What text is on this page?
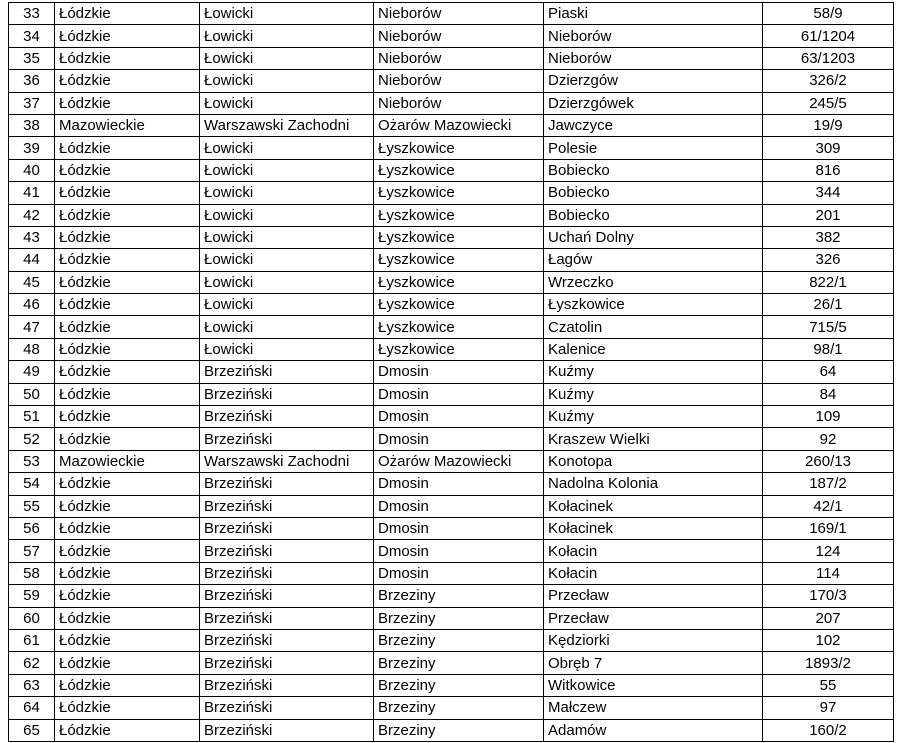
33	Łódzkie	Łowicki	Nieborów	Piaski	58/9
34	Łódzkie	Łowicki	Nieborów	Nieborów	61/1204
35	Łódzkie	Łowicki	Nieborów	Nieborów	63/1203
36	Łódzkie	Łowicki	Nieborów	Dzierzgów	326/2
37	Łódzkie	Łowicki	Nieborów	Dzierzgówek	245/5
38	Mazowieckie	Warszawski Zachodni	Ożarów Mazowiecki	Jawczyce	19/9
39	Łódzkie	Łowicki	Łyszkowice	Polesie	309
40	Łódzkie	Łowicki	Łyszkowice	Bobiecko	816
41	Łódzkie	Łowicki	Łyszkowice	Bobiecko	344
42	Łódzkie	Łowicki	Łyszkowice	Bobiecko	201
43	Łódzkie	Łowicki	Łyszkowice	Uchań Dolny	382
44	Łódzkie	Łowicki	Łyszkowice	Łagów	326
45	Łódzkie	Łowicki	Łyszkowice	Wrzeczko	822/1
46	Łódzkie	Łowicki	Łyszkowice	Łyszkowice	26/1
47	Łódzkie	Łowicki	Łyszkowice	Czatolin	715/5
48	Łódzkie	Łowicki	Łyszkowice	Kalenice	98/1
49	Łódzkie	Brzeziński	Dmosin	Kuźmy	64
50	Łódzkie	Brzeziński	Dmosin	Kuźmy	84
51	Łódzkie	Brzeziński	Dmosin	Kuźmy	109
52	Łódzkie	Brzeziński	Dmosin	Kraszew Wielki	92
53	Mazowieckie	Warszawski Zachodni	Ożarów Mazowiecki	Konotopa	260/13
54	Łódzkie	Brzeziński	Dmosin	Nadolna Kolonia	187/2
55	Łódzkie	Brzeziński	Dmosin	Kołacinek	42/1
56	Łódzkie	Brzeziński	Dmosin	Kołacinek	169/1
57	Łódzkie	Brzeziński	Dmosin	Kołacin	124
58	Łódzkie	Brzeziński	Dmosin	Kołacin	114
59	Łódzkie	Brzeziński	Brzeziny	Przecław	170/3
60	Łódzkie	Brzeziński	Brzeziny	Przecław	207
61	Łódzkie	Brzeziński	Brzeziny	Kędziorki	102
62	Łódzkie	Brzeziński	Brzeziny	Obręb 7	1893/2
63	Łódzkie	Brzeziński	Brzeziny	Witkowice	55
64	Łódzkie	Brzeziński	Brzeziny	Małczew	97
65	Łódzkie	Brzeziński	Brzeziny	Adamów	160/2
